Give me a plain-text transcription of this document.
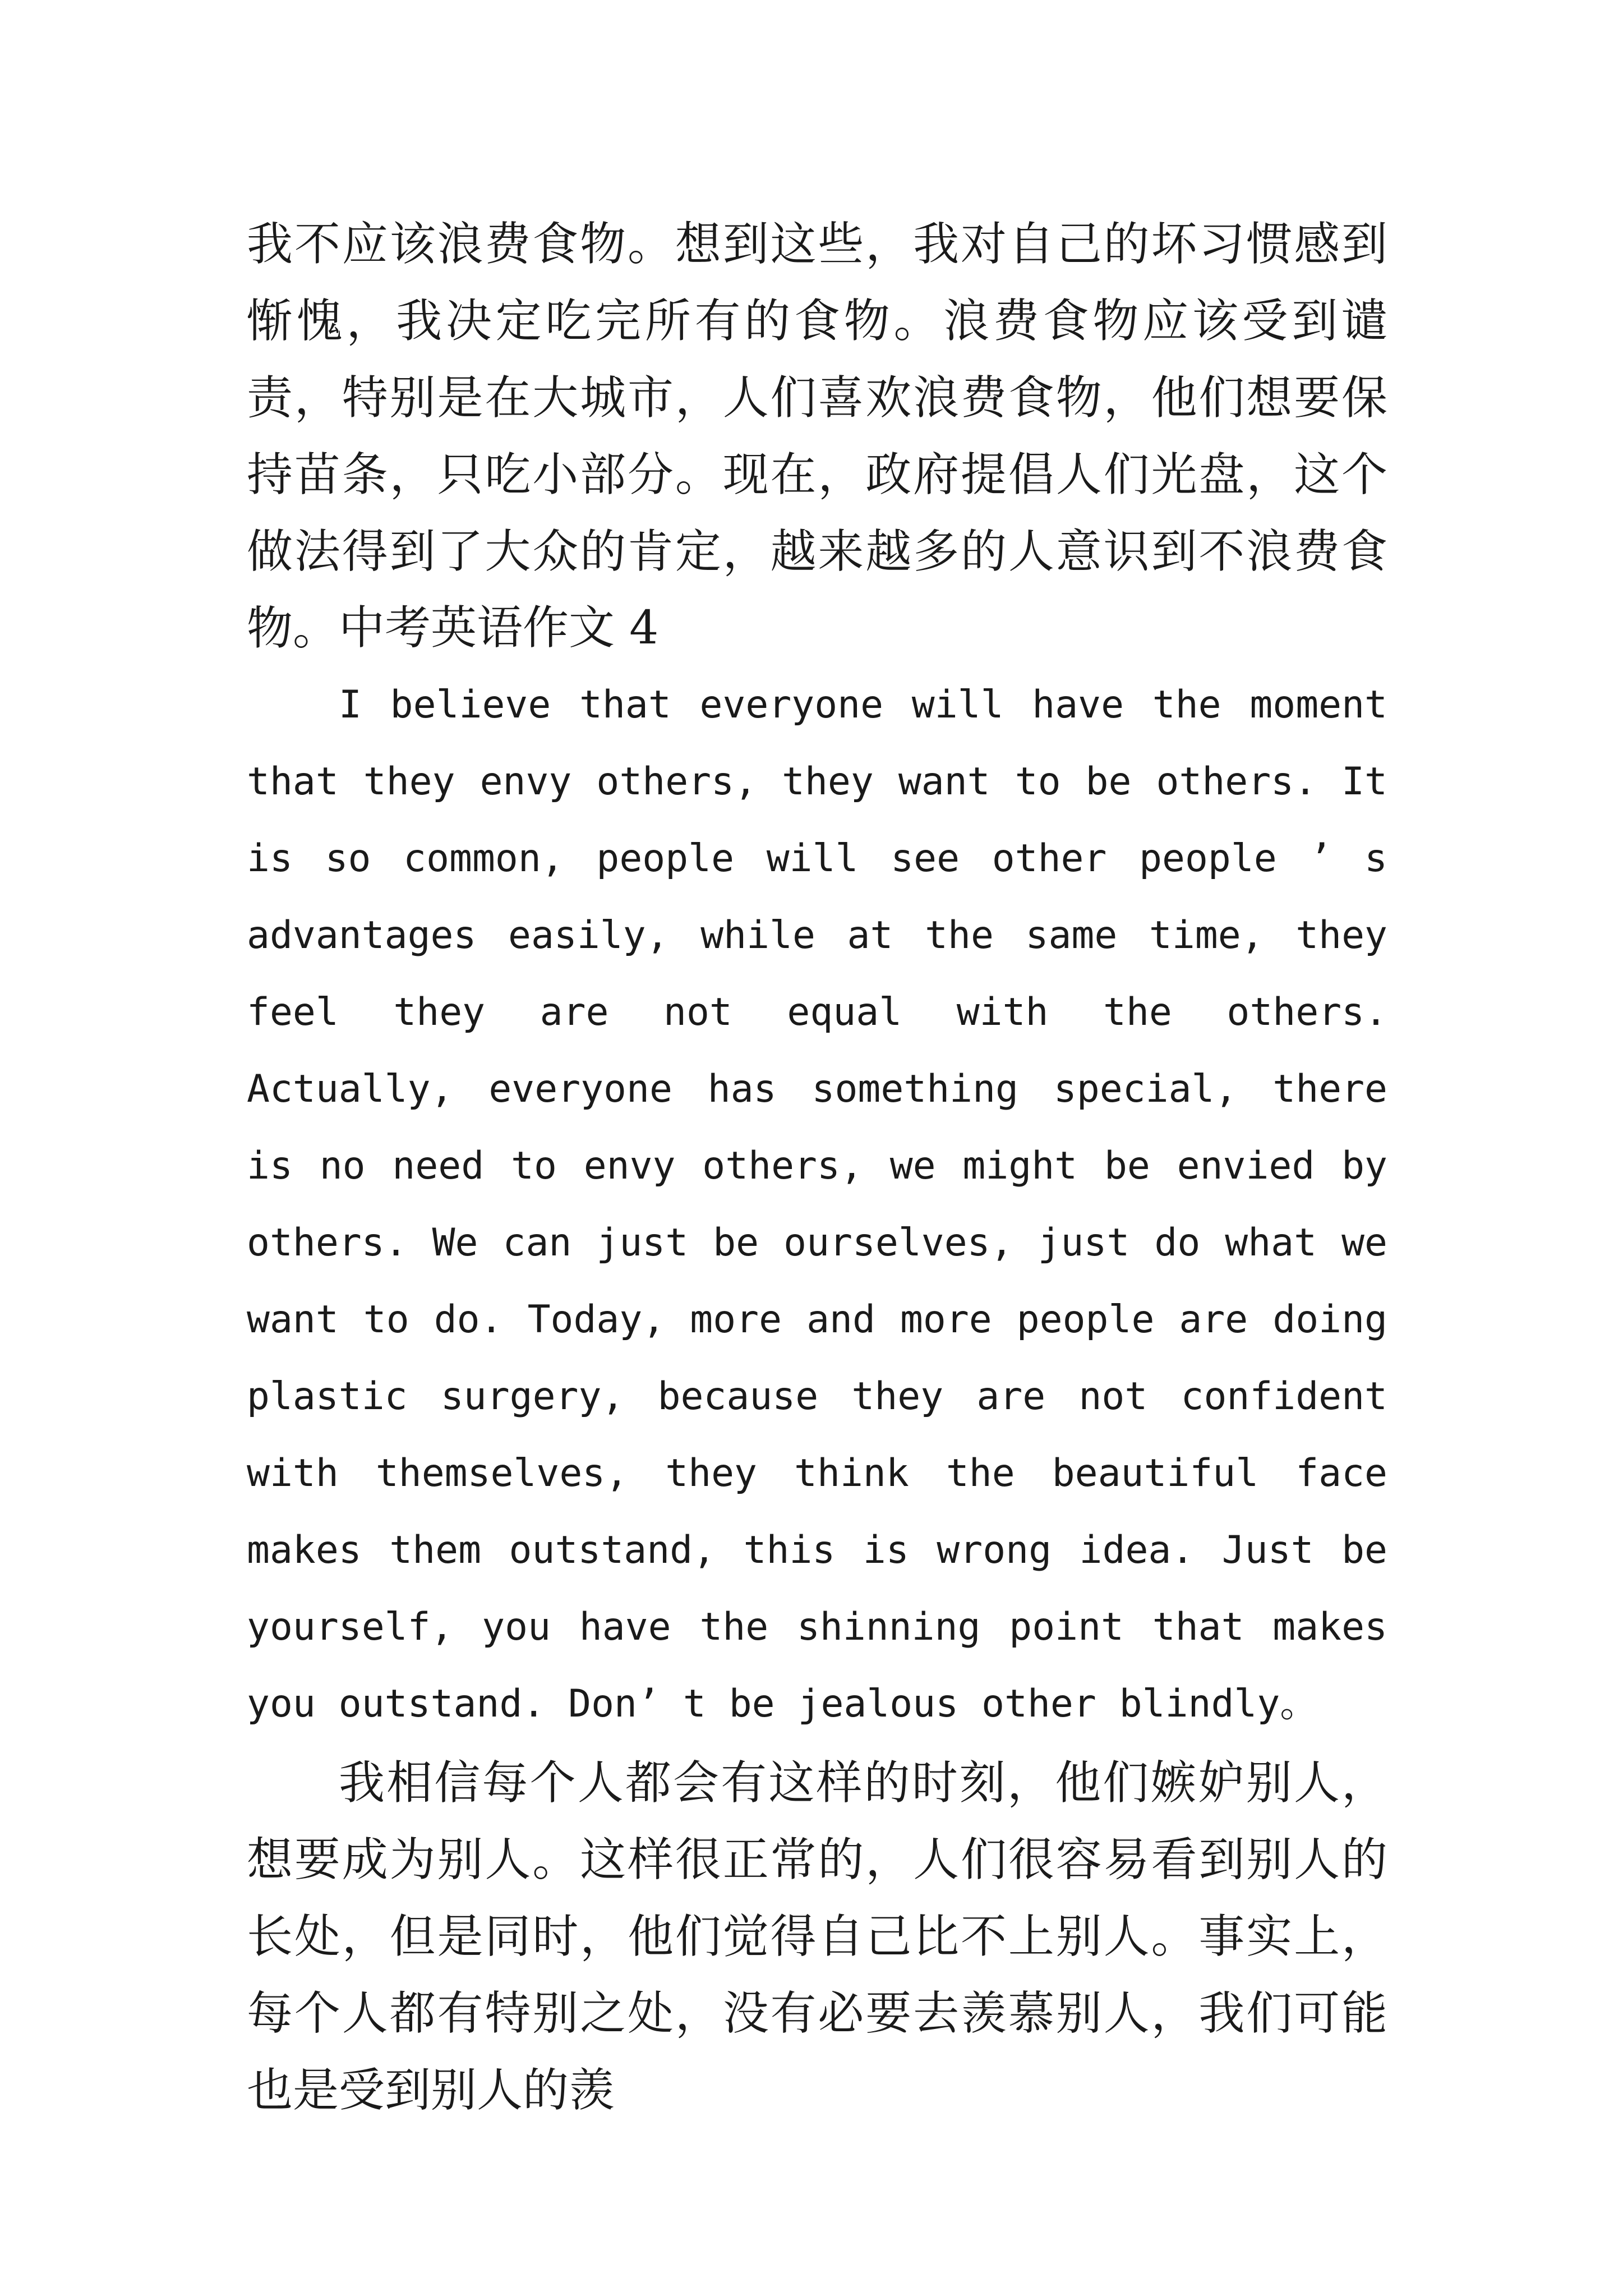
我不应该浪费食物。想到这些，我对自己的坏习惯感到惭愧，我决定吃完所有的食物。浪费食物应该受到谴责，特别是在大城市，人们喜欢浪费食物，他们想要保持苗条，只吃小部分。现在，政府提倡人们光盘，这个做法得到了大众的肯定，越来越多的人意识到不浪费食物。 中考英语作文 4

I believe that everyone will have the moment that they envy others, they want to be others. It is so common, people will see other people ’ s advantages easily, while at the same time, they feel they are not equal with the others. Actually, everyone has something special, there is no need to envy others, we might be envied by others. We can just be ourselves, just do what we want to do. Today, more and more people are doing plastic surgery, because they are not confident with themselves, they think the beautiful face makes them outstand, this is wrong idea. Just be yourself, you have the shinning point that makes you outstand. Don’ t be jealous other blindly。

我相信每个人都会有这样的时刻，他们嫉妒别人，想要成为别人。这样很正常的，人们很容易看到别人的长处，但是同时，他们觉得自己比不上别人。事实上，每个人都有特别之处，没有必要去羡慕别人，我们可能也是受到别人的羡
